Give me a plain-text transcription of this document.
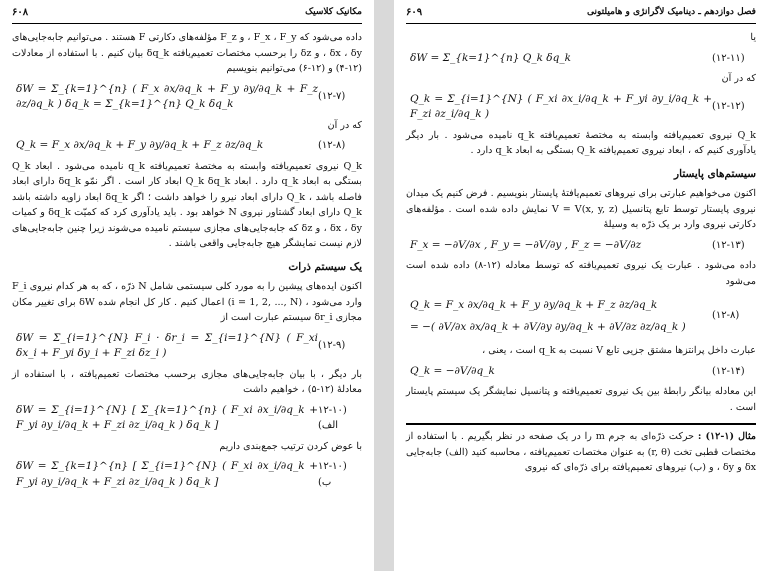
۶۰۸	مکانیک کلاسیک

داده می‌شود که F_x ، F_y ، و F_z مؤلفه‌های دکارتی F هستند . می‌توانیم جابه‌جایی‌های δx ، δy ، و δz را برحسب مختصات تعمیم‌یافته δq_k بیان کنیم . با استفاده از معادلات (۱۲-۴) و (۱۲-۶) می‌توانیم بنویسیم

δW = Σ_{k=1}^{n} ( F_x ∂x/∂q_k + F_y ∂y/∂q_k + F_z ∂z/∂q_k ) δq_k = Σ_{k=1}^{n} Q_k δq_k
(۱۲-۷)

که در آن

Q_k = F_x ∂x/∂q_k + F_y ∂y/∂q_k + F_z ∂z/∂q_k	(۱۲-۸)

Q_k نیروی تعمیم‌یافته وابسته به مختصهٔ تعمیم‌یافته q_k نامیده می‌شود . ابعاد Q_k بستگی به ابعاد q_k دارد . ابعاد Q_k δq_k ابعاد کار است . اگر نمّو δq_k دارای ابعاد فاصله باشد ، Q_k دارای ابعاد نیرو را خواهد داشت ؛ اگر δq_k ابعاد زاویه داشته باشد Q_k دارای ابعاد گشتاور نیروی N خواهد بود . باید یادآوری کرد که کمیّت δq_k و کمیات δx ، δy ، و δz که جابه‌جایی‌های مجازی سیستم نامیده می‌شوند زیرا چنین جابه‌جایی‌های لازم نیست نمایشگر هیچ جابه‌جایی واقعی باشند .

یک سیستم ذرات

اکنون ایده‌های پیشین را به مورد کلی سیستمی شامل N ذرّه ، که به هر کدام نیروی F_i وارد می‌شود ، (i = 1, 2, ..., N) اعمال کنیم . کار کل انجام شده δW برای تغییر مکان مجازی δr_i سیستم عبارت است از

δW = Σ_{i=1}^{N} F_i · δr_i = Σ_{i=1}^{N} ( F_xi δx_i + F_yi δy_i + F_zi δz_i )
(۱۲-۹)

بار دیگر ، با بیان جابه‌جایی‌های مجازی برحسب مختصات تعمیم‌یافته ، با استفاده از معادلهٔ (۱۲-۵) ، خواهیم داشت

δW = Σ_{i=1}^{N} [ Σ_{k=1}^{n} ( F_xi ∂x_i/∂q_k + F_yi ∂y_i/∂q_k + F_zi ∂z_i/∂q_k ) δq_k ]
(۱۲-۱۰ الف)

با عوض کردن ترتیب جمع‌بندی داریم

δW = Σ_{k=1}^{n} [ Σ_{i=1}^{N} ( F_xi ∂x_i/∂q_k + F_yi ∂y_i/∂q_k + F_zi ∂z_i/∂q_k ) δq_k ]
(۱۲-۱۰ ب)
۶۰۹	فصل دوازدهم ـ دینامیک لاگرانژی و هامیلتونی

یا

δW = Σ_{k=1}^{n} Q_k δq_k	(۱۲-۱۱)

که در آن

Q_k = Σ_{i=1}^{N} ( F_xi ∂x_i/∂q_k + F_yi ∂y_i/∂q_k + F_zi ∂z_i/∂q_k )
(۱۲-۱۲)

Q_k نیروی تعمیم‌یافته وابسته به مختصهٔ تعمیم‌یافته q_k نامیده می‌شود . بار دیگر یادآوری کنیم که ، ابعاد نیروی تعمیم‌یافته Q_k بستگی به ابعاد q_k دارد .

سیستم‌های پایستار

اکنون می‌خواهیم عبارتی برای نیروهای تعمیم‌یافتهٔ پایستار بنویسیم . فرض کنیم یک میدان نیروی پایستار توسط تابع پتانسیل V = V(x, y, z) نمایش داده شده است . مؤلفه‌های دکارتی نیروی وارد بر یک ذرّه به وسیلهٔ

F_x = −∂V/∂x , F_y = −∂V/∂y , F_z = −∂V/∂z	(۱۲-۱۳)

داده می‌شود . عبارت یک نیروی تعمیم‌یافته که توسط معادله (۱۲-۸) داده شده است می‌شود

Q_k = F_x ∂x/∂q_k + F_y ∂y/∂q_k + F_z ∂z/∂q_k
= −( ∂V/∂x ∂x/∂q_k + ∂V/∂y ∂y/∂q_k + ∂V/∂z ∂z/∂q_k )
(۱۲-۸)

عبارت داخل پرانتزها مشتق جزیی تابع V نسبت به q_k است ، یعنی ،

Q_k = −∂V/∂q_k	(۱۲-۱۴)

این معادله بیانگر رابطهٔ بین یک نیروی تعمیم‌یافته و پتانسیل نمایشگر یک سیستم پایستار است .

مثال (۱-۱۲) : حرکت ذرّه‌ای به جرم m را در یک صفحه در نظر بگیریم . با استفاده از مختصات قطبی تخت (r, θ) به عنوان مختصات تعمیم‌یافته ، محاسبه کنید (الف) جابه‌جایی δx و δy ، و (ب) نیروهای تعمیم‌یافته برای ذرّه‌ای که نیروی
